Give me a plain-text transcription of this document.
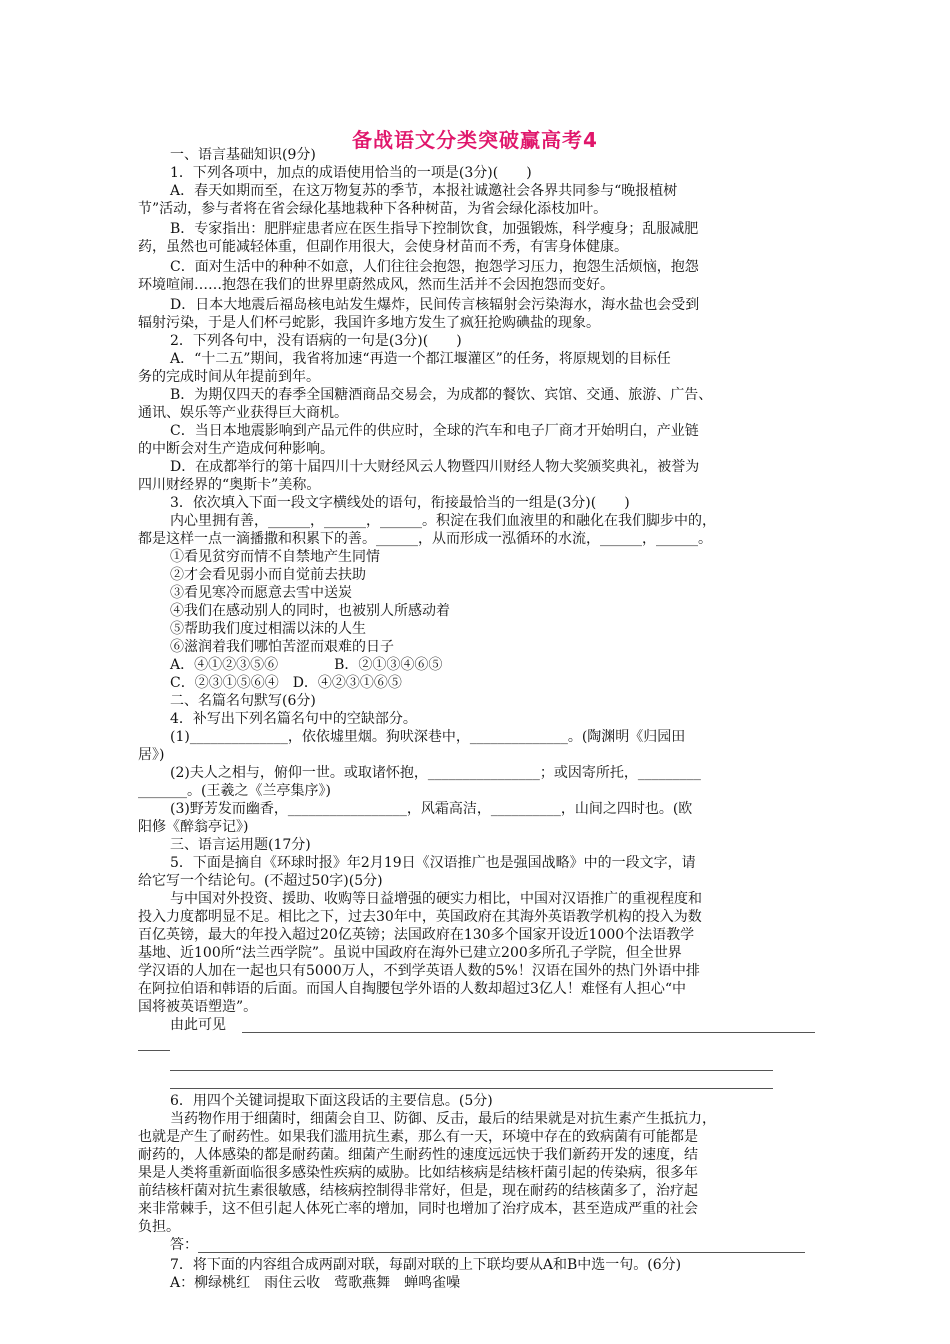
备战语文分类突破赢高考4
一、语言基础知识(9分)
1．下列各项中，加点的成语使用恰当的一项是(3分)(　　)
A．春天如期而至，在这万物复苏的季节，本报社诚邀社会各界共同参与“晚报植树
节”活动，参与者将在省会绿化基地栽种下各种树苗，为省会绿化添枝加叶。
B．专家指出：肥胖症患者应在医生指导下控制饮食，加强锻炼，科学瘦身；乱服减肥
药，虽然也可能减轻体重，但副作用很大，会使身材苗而不秀，有害身体健康。
C．面对生活中的种种不如意，人们往往会抱怨，抱怨学习压力，抱怨生活烦恼，抱怨
环境喧闹……抱怨在我们的世界里蔚然成风，然而生活并不会因抱怨而变好。
D．日本大地震后福岛核电站发生爆炸，民间传言核辐射会污染海水，海水盐也会受到
辐射污染，于是人们杯弓蛇影，我国许多地方发生了疯狂抢购碘盐的现象。
2．下列各句中，没有语病的一句是(3分)(　　)
A．“十二五”期间，我省将加速“再造一个都江堰灌区”的任务，将原规划的目标任
务的完成时间从年提前到年。
B．为期仅四天的春季全国糖酒商品交易会，为成都的餐饮、宾馆、交通、旅游、广告、
通讯、娱乐等产业获得巨大商机。
C．当日本地震影响到产品元件的供应时，全球的汽车和电子厂商才开始明白，产业链
的中断会对生产造成何种影响。
D．在成都举行的第十届四川十大财经风云人物暨四川财经人物大奖颁奖典礼，被誉为
四川财经界的“奥斯卡”美称。
3．依次填入下面一段文字横线处的语句，衔接最恰当的一组是(3分)(　　)
内心里拥有善，______，______，______。积淀在我们血液里的和融化在我们脚步中的，
都是这样一点一滴播撒和积累下的善。______，从而形成一泓循环的水流，______，______。
①看见贫穷而情不自禁地产生同情
②才会看见弱小而自觉前去扶助
③看见寒冷而愿意去雪中送炭
④我们在感动别人的同时，也被别人所感动着
⑤帮助我们度过相濡以沫的人生
⑥滋润着我们哪怕苦涩而艰难的日子
A．④①②③⑤⑥　　　　B．②①③④⑥⑤
C．②③①⑤⑥④　D．④②③①⑥⑤
二、名篇名句默写(6分)
4．补写出下列名篇名句中的空缺部分。
(1)______________，依依墟里烟。狗吠深巷中，______________。(陶渊明《归园田
居》)
(2)夫人之相与，俯仰一世。或取诸怀抱，________________；或因寄所托，_________
_______。(王羲之《兰亭集序》)
(3)野芳发而幽香，_________________，风霜高洁，__________，山间之四时也。(欧
阳修《醉翁亭记》)
三、语言运用题(17分)
5．下面是摘自《环球时报》年2月19日《汉语推广也是强国战略》中的一段文字，请
给它写一个结论句。(不超过50字)(5分)
与中国对外投资、援助、收购等日益增强的硬实力相比，中国对汉语推广的重视程度和
投入力度都明显不足。相比之下，过去30年中，英国政府在其海外英语教学机构的投入为数
百亿英镑，最大的年投入超过20亿英镑；法国政府在130多个国家开设近1000个法语教学
基地、近100所“法兰西学院”。虽说中国政府在海外已建立200多所孔子学院，但全世界
学汉语的人加在一起也只有5000万人，不到学英语人数的5%！汉语在国外的热门外语中排
在阿拉伯语和韩语的后面。而国人自掏腰包学外语的人数却超过3亿人！难怪有人担心“中
国将被英语塑造”。
由此可见
6．用四个关键词提取下面这段话的主要信息。(5分)
当药物作用于细菌时，细菌会自卫、防御、反击，最后的结果就是对抗生素产生抵抗力，
也就是产生了耐药性。如果我们滥用抗生素，那么有一天，环境中存在的致病菌有可能都是
耐药的，人体感染的都是耐药菌。细菌产生耐药性的速度远远快于我们新药开发的速度，结
果是人类将重新面临很多感染性疾病的威胁。比如结核病是结核杆菌引起的传染病，很多年
前结核杆菌对抗生素很敏感，结核病控制得非常好，但是，现在耐药的结核菌多了，治疗起
来非常棘手，这不但引起人体死亡率的增加，同时也增加了治疗成本，甚至造成严重的社会
负担。
答：
7．将下面的内容组合成两副对联，每副对联的上下联均要从A和B中选一句。(6分)
A：柳绿桃红　雨住云收　莺歌燕舞　蝉鸣雀噪
